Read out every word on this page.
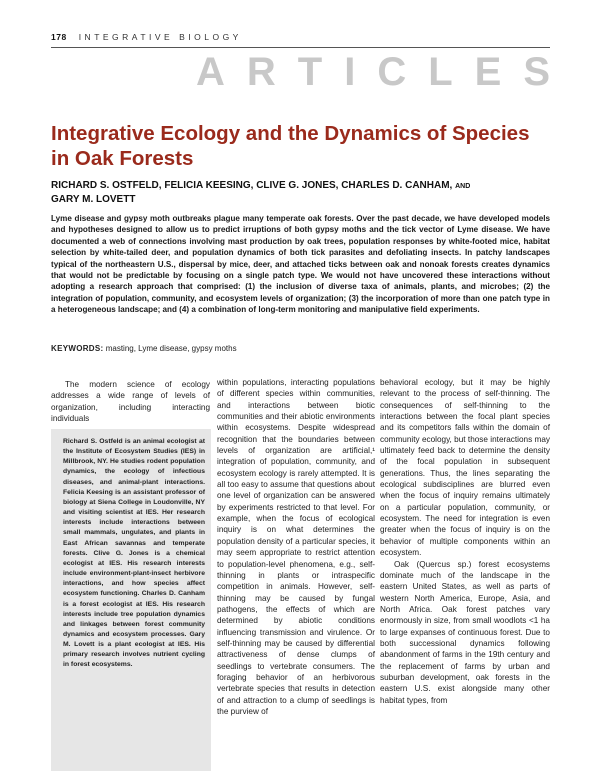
178 INTEGRATIVE BIOLOGY
ARTICLES
Integrative Ecology and the Dynamics of Species in Oak Forests
RICHARD S. OSTFELD, FELICIA KEESING, CLIVE G. JONES, CHARLES D. CANHAM, AND
GARY M. LOVETT

Lyme disease and gypsy moth outbreaks plague many temperate oak forests. Over the past decade, we have developed models and hypotheses designed to allow us to predict irruptions of both gypsy moths and the tick vector of Lyme disease. We have documented a web of connections involving mast production by oak trees, population responses by white-footed mice, habitat selection by white-tailed deer, and population dynamics of both tick parasites and defoliating insects. In patchy landscapes typical of the northeastern U.S., dispersal by mice, deer, and attached ticks between oak and nonoak forests creates dynamics that would not be predictable by focusing on a single patch type. We would not have uncovered these interactions without adopting a research approach that comprised: (1) the inclusion of diverse taxa of animals, plants, and microbes; (2) the integration of population, community, and ecosystem levels of organization; (3) the incorporation of more than one patch type in a heterogeneous landscape; and (4) a combination of long-term monitoring and manipulative field experiments.

KEYWORDS: masting, Lyme disease, gypsy moths

The modern science of ecology addresses a wide range of levels of organization, including interacting individuals

Richard S. Ostfeld is an animal ecologist at the Institute of Ecosystem Studies (IES) in Millbrook, NY. He studies rodent population dynamics, the ecology of infectious diseases, and animal-plant interactions. Felicia Keesing is an assistant professor of biology at Siena College in Loudonville, NY and visiting scientist at IES. Her research interests include interactions between small mammals, ungulates, and plants in East African savannas and temperate forests. Clive G. Jones is a chemical ecologist at IES. His research interests include environment-plant-insect herbivore interactions, and how species affect ecosystem functioning. Charles D. Canham is a forest ecologist at IES. His research interests include tree population dynamics and linkages between forest community dynamics and ecosystem processes. Gary M. Lovett is a plant ecologist at IES. His primary research involves nutrient cycling in forest ecosystems.

within populations, interacting populations of different species within communities, and interactions between biotic communities and their abiotic environments within ecosystems. Despite widespread recognition that the boundaries between levels of organization are artificial,¹ integration of population, community, and ecosystem ecology is rarely attempted. It is all too easy to assume that questions about one level of organization can be answered by experiments restricted to that level. For example, when the focus of ecological inquiry is on what determines the population density of a particular species, it may seem appropriate to restrict attention to population-level phenomena, e.g., self-thinning in plants or intraspecific competition in animals. However, self-thinning may be caused by fungal pathogens, the effects of which are determined by abiotic conditions influencing transmission and virulence. Or self-thinning may be caused by differential attractiveness of dense clumps of seedlings to vertebrate consumers. The foraging behavior of an herbivorous vertebrate species that results in detection of and attraction to a clump of seedlings is the purview of

behavioral ecology, but it may be highly relevant to the process of self-thinning. The consequences of self-thinning to the interactions between the focal plant species and its competitors falls within the domain of community ecology, but those interactions may ultimately feed back to determine the density of the focal population in subsequent generations. Thus, the lines separating the ecological subdisciplines are blurred even when the focus of inquiry remains ultimately on a particular population, community, or ecosystem. The need for integration is even greater when the focus of inquiry is on the behavior of multiple components within an ecosystem.

Oak (Quercus sp.) forest ecosystems dominate much of the landscape in the eastern United States, as well as parts of western North America, Europe, Asia, and North Africa. Oak forest patches vary enormously in size, from small woodlots <1 ha to large expanses of continuous forest. Due to both successional dynamics following abandonment of farms in the 19th century and the replacement of farms by urban and suburban development, oak forests in the eastern U.S. exist alongside many other habitat types, from
